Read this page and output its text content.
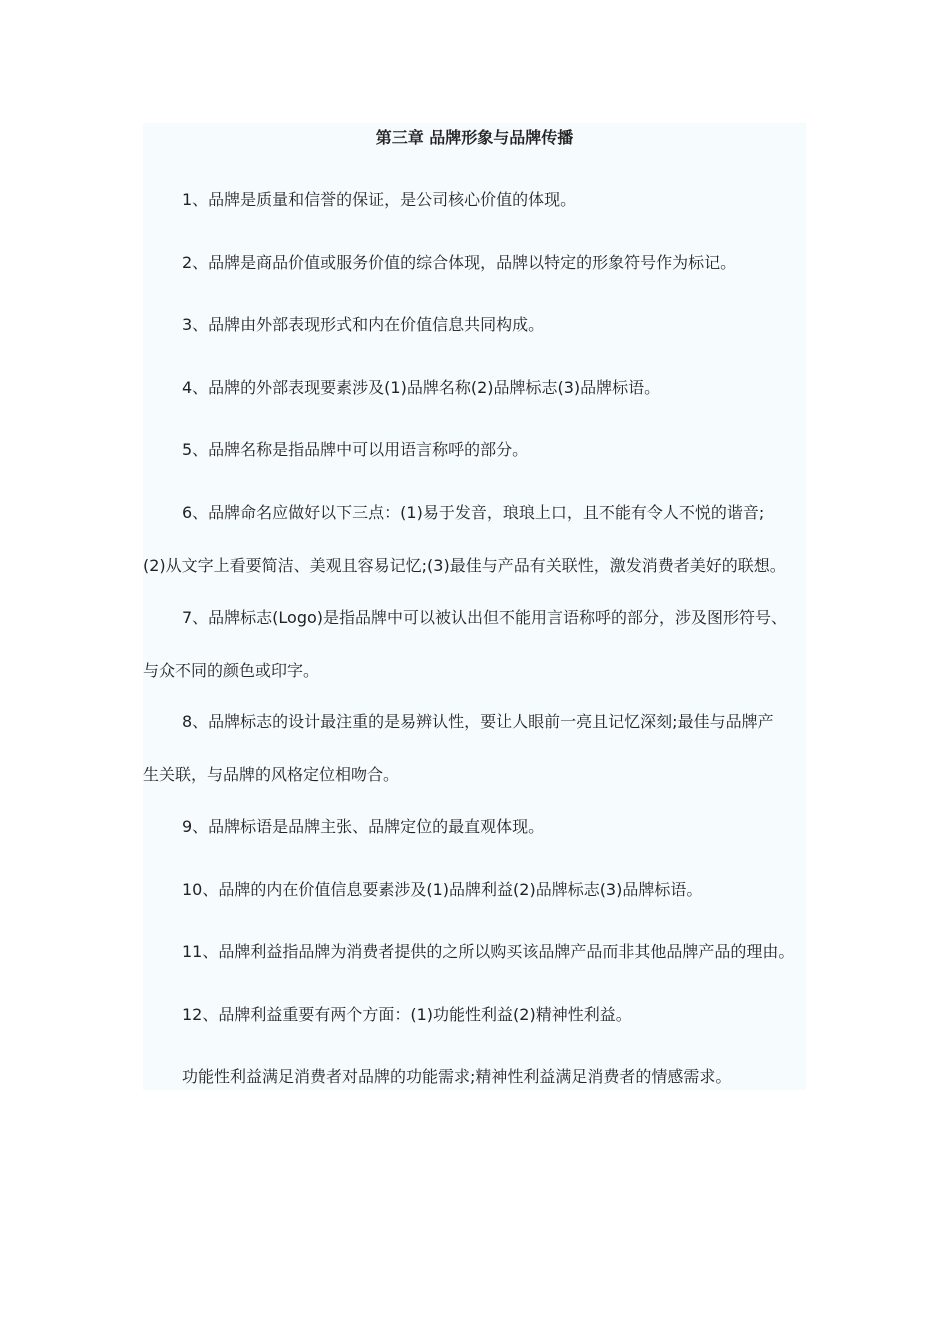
第三章 品牌形象与品牌传播
1、品牌是质量和信誉的保证，是公司核心价值的体现。
2、品牌是商品价值或服务价值的综合体现，品牌以特定的形象符号作为标记。
3、品牌由外部表现形式和内在价值信息共同构成。
4、品牌的外部表现要素涉及(1)品牌名称(2)品牌标志(3)品牌标语。
5、品牌名称是指品牌中可以用语言称呼的部分。
6、品牌命名应做好以下三点：(1)易于发音，琅琅上口，且不能有令人不悦的谐音;
(2)从文字上看要简洁、美观且容易记忆;(3)最佳与产品有关联性，激发消费者美好的联想。
7、品牌标志(Logo)是指品牌中可以被认出但不能用言语称呼的部分，涉及图形符号、
与众不同的颜色或印字。
8、品牌标志的设计最注重的是易辨认性，要让人眼前一亮且记忆深刻;最佳与品牌产
生关联，与品牌的风格定位相吻合。
9、品牌标语是品牌主张、品牌定位的最直观体现。
10、品牌的内在价值信息要素涉及(1)品牌利益(2)品牌标志(3)品牌标语。
11、品牌利益指品牌为消费者提供的之所以购买该品牌产品而非其他品牌产品的理由。
12、品牌利益重要有两个方面：(1)功能性利益(2)精神性利益。
功能性利益满足消费者对品牌的功能需求;精神性利益满足消费者的情感需求。
